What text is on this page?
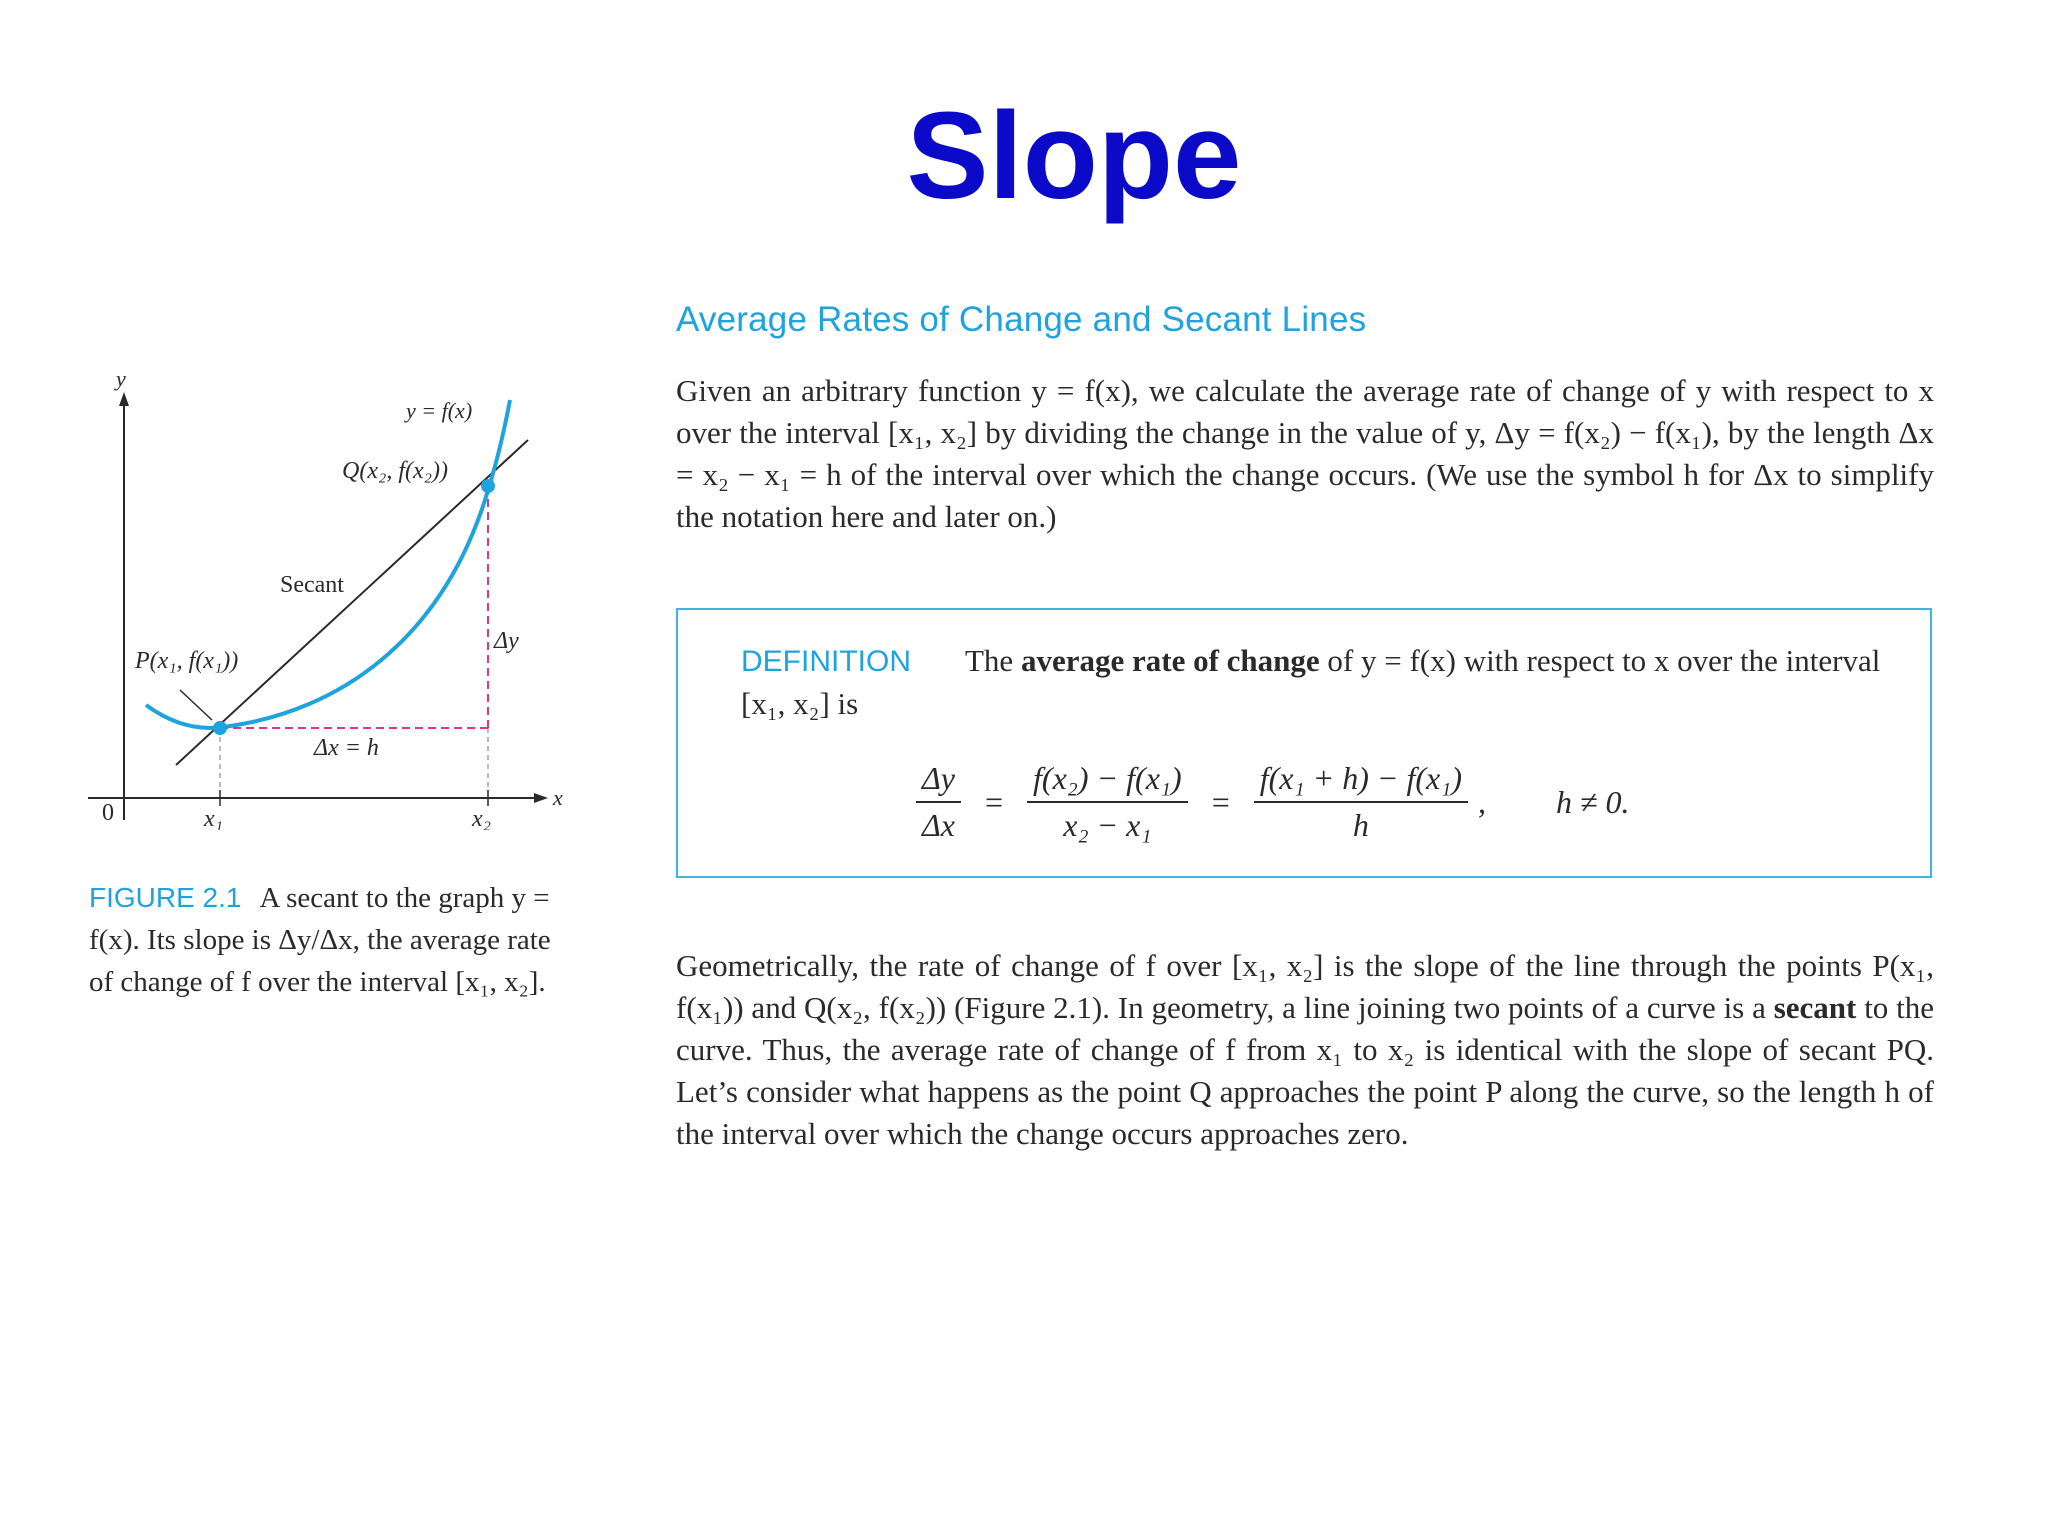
Slope
y
x
0	x₁	x₂
y = f(x)
Q(x₂, f(x₂))
Secant
Δy
P(x₁, f(x₁))
Δx = h
FIGURE 2.1 A secant to the graph y = f(x). Its slope is Δy/Δx, the average rate of change of f over the interval [x₁, x₂].
Average Rates of Change and Secant Lines
Given an arbitrary function y = f(x), we calculate the average rate of change of y with respect to x over the interval [x₁, x₂] by dividing the change in the value of y, Δy = f(x₂) − f(x₁), by the length Δx = x₂ − x₁ = h of the interval over which the change occurs. (We use the symbol h for Δx to simplify the notation here and later on.)
DEFINITION The average rate of change of y = f(x) with respect to x over the interval [x₁, x₂] is
$\frac{\Delta y}{\Delta x} = \frac{\text{f(x₂) − f(x₁)}}{\text{x₂ − x₁}} = \frac{\text{f(x₁ + h) − f(x₁)}}{h}$ , h ≠ 0.
Geometrically, the rate of change of f over [x₁, x₂] is the slope of the line through the points P(x₁, f(x₁)) and Q(x₂, f(x₂)) (Figure 2.1). In geometry, a line joining two points of a curve is a secant to the curve. Thus, the average rate of change of f from x₁ to x₂ is identical with the slope of secant PQ. Let’s consider what happens as the point Q approaches the point P along the curve, so the length h of the interval over which the change occurs approaches zero.
